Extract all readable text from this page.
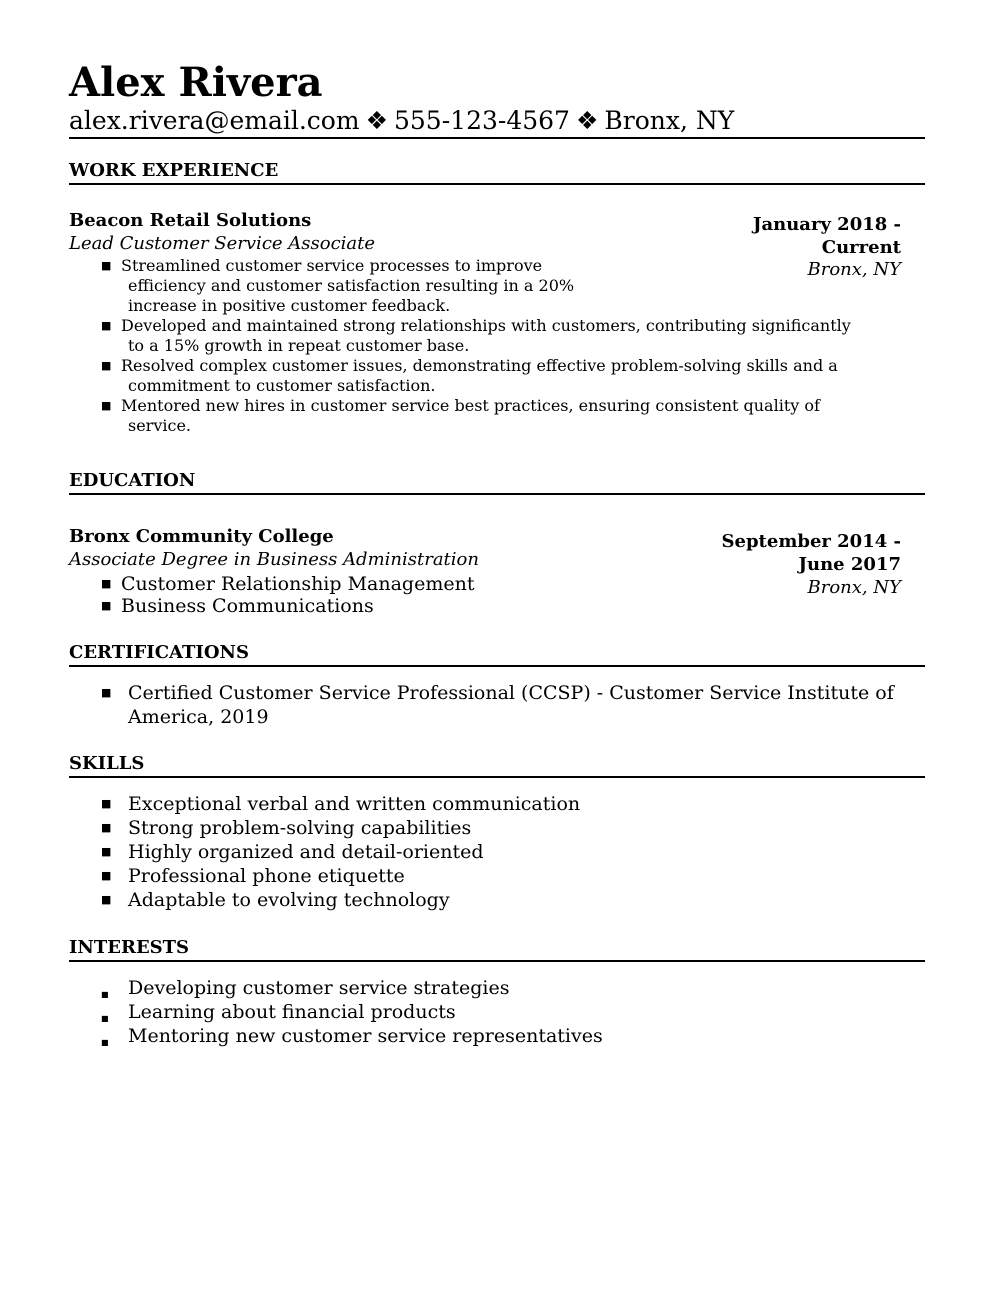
Alex Rivera
alex.rivera@email.com ❖ 555-123-4567 ❖ Bronx, NY
WORK EXPERIENCE
Beacon Retail Solutions
Lead Customer Service Associate
January 2018 -
Current
Bronx, NY
■ Streamlined customer service processes to improve
efficiency and customer satisfaction resulting in a 20%
increase in positive customer feedback.
■ Developed and maintained strong relationships with customers, contributing significantly
to a 15% growth in repeat customer base.
■ Resolved complex customer issues, demonstrating effective problem-solving skills and a
commitment to customer satisfaction.
■ Mentored new hires in customer service best practices, ensuring consistent quality of
service.
EDUCATION
Bronx Community College
Associate Degree in Business Administration
September 2014 -
June 2017
Bronx, NY
■ Customer Relationship Management
■ Business Communications
CERTIFICATIONS
■ Certified Customer Service Professional (CCSP) - Customer Service Institute of
America, 2019
SKILLS
■ Exceptional verbal and written communication
■ Strong problem-solving capabilities
■ Highly organized and detail-oriented
■ Professional phone etiquette
■ Adaptable to evolving technology
INTERESTS
■ Developing customer service strategies
■ Learning about financial products
■ Mentoring new customer service representatives
